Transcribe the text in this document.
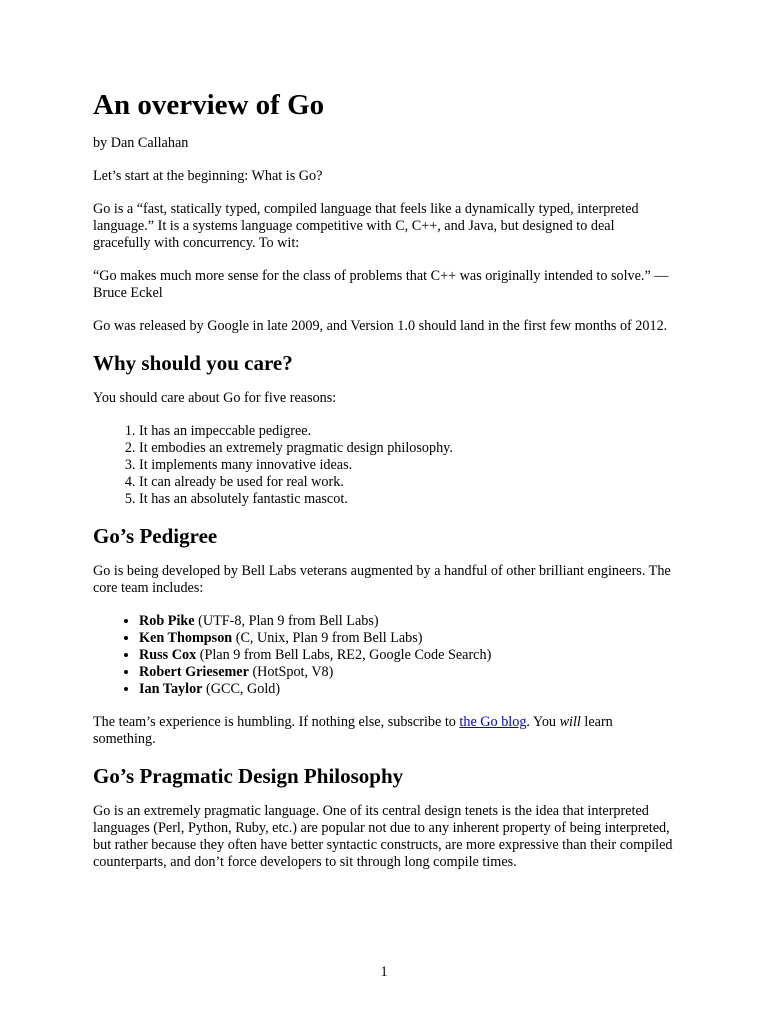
An overview of Go

by Dan Callahan

Let’s start at the beginning: What is Go?

Go is a “fast, statically typed, compiled language that feels like a dynamically typed, interpreted language.” It is a systems language competitive with C, C++, and Java, but designed to deal gracefully with concurrency. To wit:

“Go makes much more sense for the class of problems that C++ was originally intended to solve.” —Bruce Eckel

Go was released by Google in late 2009, and Version 1.0 should land in the first few months of 2012.

Why should you care?

You should care about Go for five reasons:

1. It has an impeccable pedigree.
2. It embodies an extremely pragmatic design philosophy.
3. It implements many innovative ideas.
4. It can already be used for real work.
5. It has an absolutely fantastic mascot.
Go’s Pedigree

Go is being developed by Bell Labs veterans augmented by a handful of other brilliant engineers. The core team includes:

• Rob Pike (UTF-8, Plan 9 from Bell Labs)
• Ken Thompson (C, Unix, Plan 9 from Bell Labs)
• Russ Cox (Plan 9 from Bell Labs, RE2, Google Code Search)
• Robert Griesemer (HotSpot, V8)
• Ian Taylor (GCC, Gold)

The team’s experience is humbling. If nothing else, subscribe to the Go blog. You will learn something.

Go’s Pragmatic Design Philosophy

Go is an extremely pragmatic language. One of its central design tenets is the idea that interpreted languages (Perl, Python, Ruby, etc.) are popular not due to any inherent property of being interpreted, but rather because they often have better syntactic constructs, are more expressive than their compiled counterparts, and don’t force developers to sit through long compile times.

1
